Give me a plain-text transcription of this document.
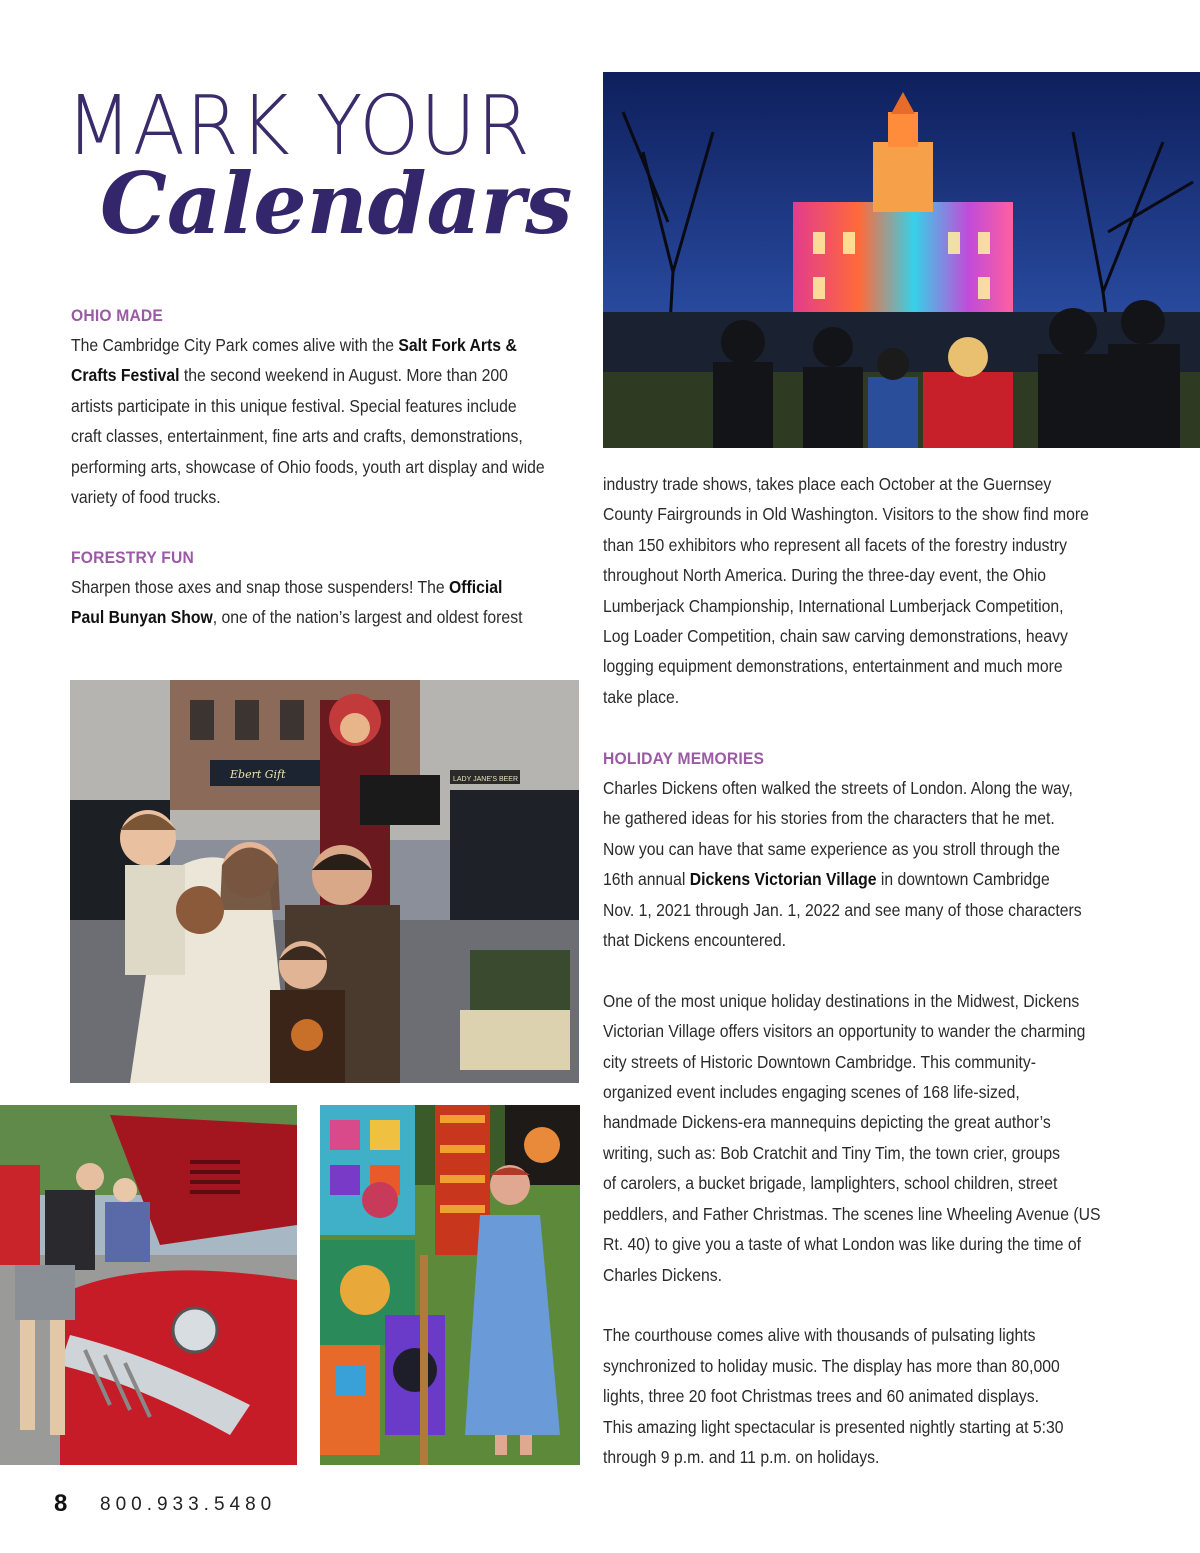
MARK YOUR
Calendars
OHIO MADE
The Cambridge City Park comes alive with the Salt Fork Arts &
Crafts Festival the second weekend in August. More than 200
artists participate in this unique festival. Special features include
craft classes, entertainment, fine arts and crafts, demonstrations,
performing arts, showcase of Ohio foods, youth art display and wide
variety of food trucks.
FORESTRY FUN
Sharpen those axes and snap those suspenders! The Official
Paul Bunyan Show, one of the nation’s largest and oldest forest
industry trade shows, takes place each October at the Guernsey
County Fairgrounds in Old Washington. Visitors to the show find more
than 150 exhibitors who represent all facets of the forestry industry
throughout North America. During the three-day event, the Ohio
Lumberjack Championship, International Lumberjack Competition,
Log Loader Competition, chain saw carving demonstrations, heavy
logging equipment demonstrations, entertainment and much more
take place.
HOLIDAY MEMORIES
Charles Dickens often walked the streets of London. Along the way,
he gathered ideas for his stories from the characters that he met.
Now you can have that same experience as you stroll through the
16th annual Dickens Victorian Village in downtown Cambridge
Nov. 1, 2021 through Jan. 1, 2022 and see many of those characters
that Dickens encountered.

One of the most unique holiday destinations in the Midwest, Dickens
Victorian Village offers visitors an opportunity to wander the charming
city streets of Historic Downtown Cambridge. This community-
organized event includes engaging scenes of 168 life-sized,
handmade Dickens-era mannequins depicting the great author’s
writing, such as: Bob Cratchit and Tiny Tim, the town crier, groups
of carolers, a bucket brigade, lamplighters, school children, street
peddlers, and Father Christmas. The scenes line Wheeling Avenue (US
Rt. 40) to give you a taste of what London was like during the time of
Charles Dickens.

The courthouse comes alive with thousands of pulsating lights
synchronized to holiday music. The display has more than 80,000
lights, three 20 foot Christmas trees and 60 animated displays.
This amazing light spectacular is presented nightly starting at 5:30
through 9 p.m. and 11 p.m. on holidays.
Ebert Gift	LADY JANE'S BEER
8 800.933.5480
